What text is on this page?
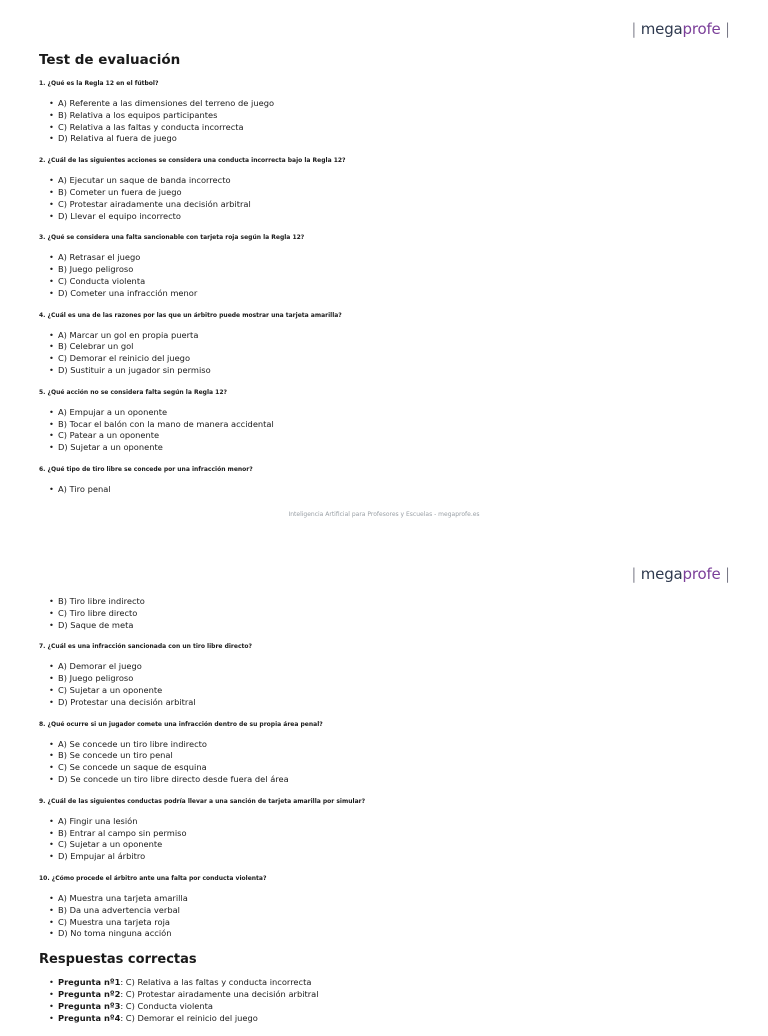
| megaprofe |
Test de evaluación
1. ¿Qué es la Regla 12 en el fútbol?
• A) Referente a las dimensiones del terreno de juego
• B) Relativa a los equipos participantes
• C) Relativa a las faltas y conducta incorrecta
• D) Relativa al fuera de juego
2. ¿Cuál de las siguientes acciones se considera una conducta incorrecta bajo la Regla 12?
• A) Ejecutar un saque de banda incorrecto
• B) Cometer un fuera de juego
• C) Protestar airadamente una decisión arbitral
• D) Llevar el equipo incorrecto
3. ¿Qué se considera una falta sancionable con tarjeta roja según la Regla 12?
• A) Retrasar el juego
• B) Juego peligroso
• C) Conducta violenta
• D) Cometer una infracción menor
4. ¿Cuál es una de las razones por las que un árbitro puede mostrar una tarjeta amarilla?
• A) Marcar un gol en propia puerta
• B) Celebrar un gol
• C) Demorar el reinicio del juego
• D) Sustituir a un jugador sin permiso
5. ¿Qué acción no se considera falta según la Regla 12?
• A) Empujar a un oponente
• B) Tocar el balón con la mano de manera accidental
• C) Patear a un oponente
• D) Sujetar a un oponente
6. ¿Qué tipo de tiro libre se concede por una infracción menor?
• A) Tiro penal
Inteligencia Artificial para Profesores y Escuelas - megaprofe.es
| megaprofe |
• B) Tiro libre indirecto
• C) Tiro libre directo
• D) Saque de meta
7. ¿Cuál es una infracción sancionada con un tiro libre directo?
• A) Demorar el juego
• B) Juego peligroso
• C) Sujetar a un oponente
• D) Protestar una decisión arbitral
8. ¿Qué ocurre si un jugador comete una infracción dentro de su propia área penal?
• A) Se concede un tiro libre indirecto
• B) Se concede un tiro penal
• C) Se concede un saque de esquina
• D) Se concede un tiro libre directo desde fuera del área
9. ¿Cuál de las siguientes conductas podría llevar a una sanción de tarjeta amarilla por simular?
• A) Fingir una lesión
• B) Entrar al campo sin permiso
• C) Sujetar a un oponente
• D) Empujar al árbitro
10. ¿Cómo procede el árbitro ante una falta por conducta violenta?
• A) Muestra una tarjeta amarilla
• B) Da una advertencia verbal
• C) Muestra una tarjeta roja
• D) No toma ninguna acción
Respuestas correctas
• Pregunta nº1: C) Relativa a las faltas y conducta incorrecta
• Pregunta nº2: C) Protestar airadamente una decisión arbitral
• Pregunta nº3: C) Conducta violenta
• Pregunta nº4: C) Demorar el reinicio del juego
